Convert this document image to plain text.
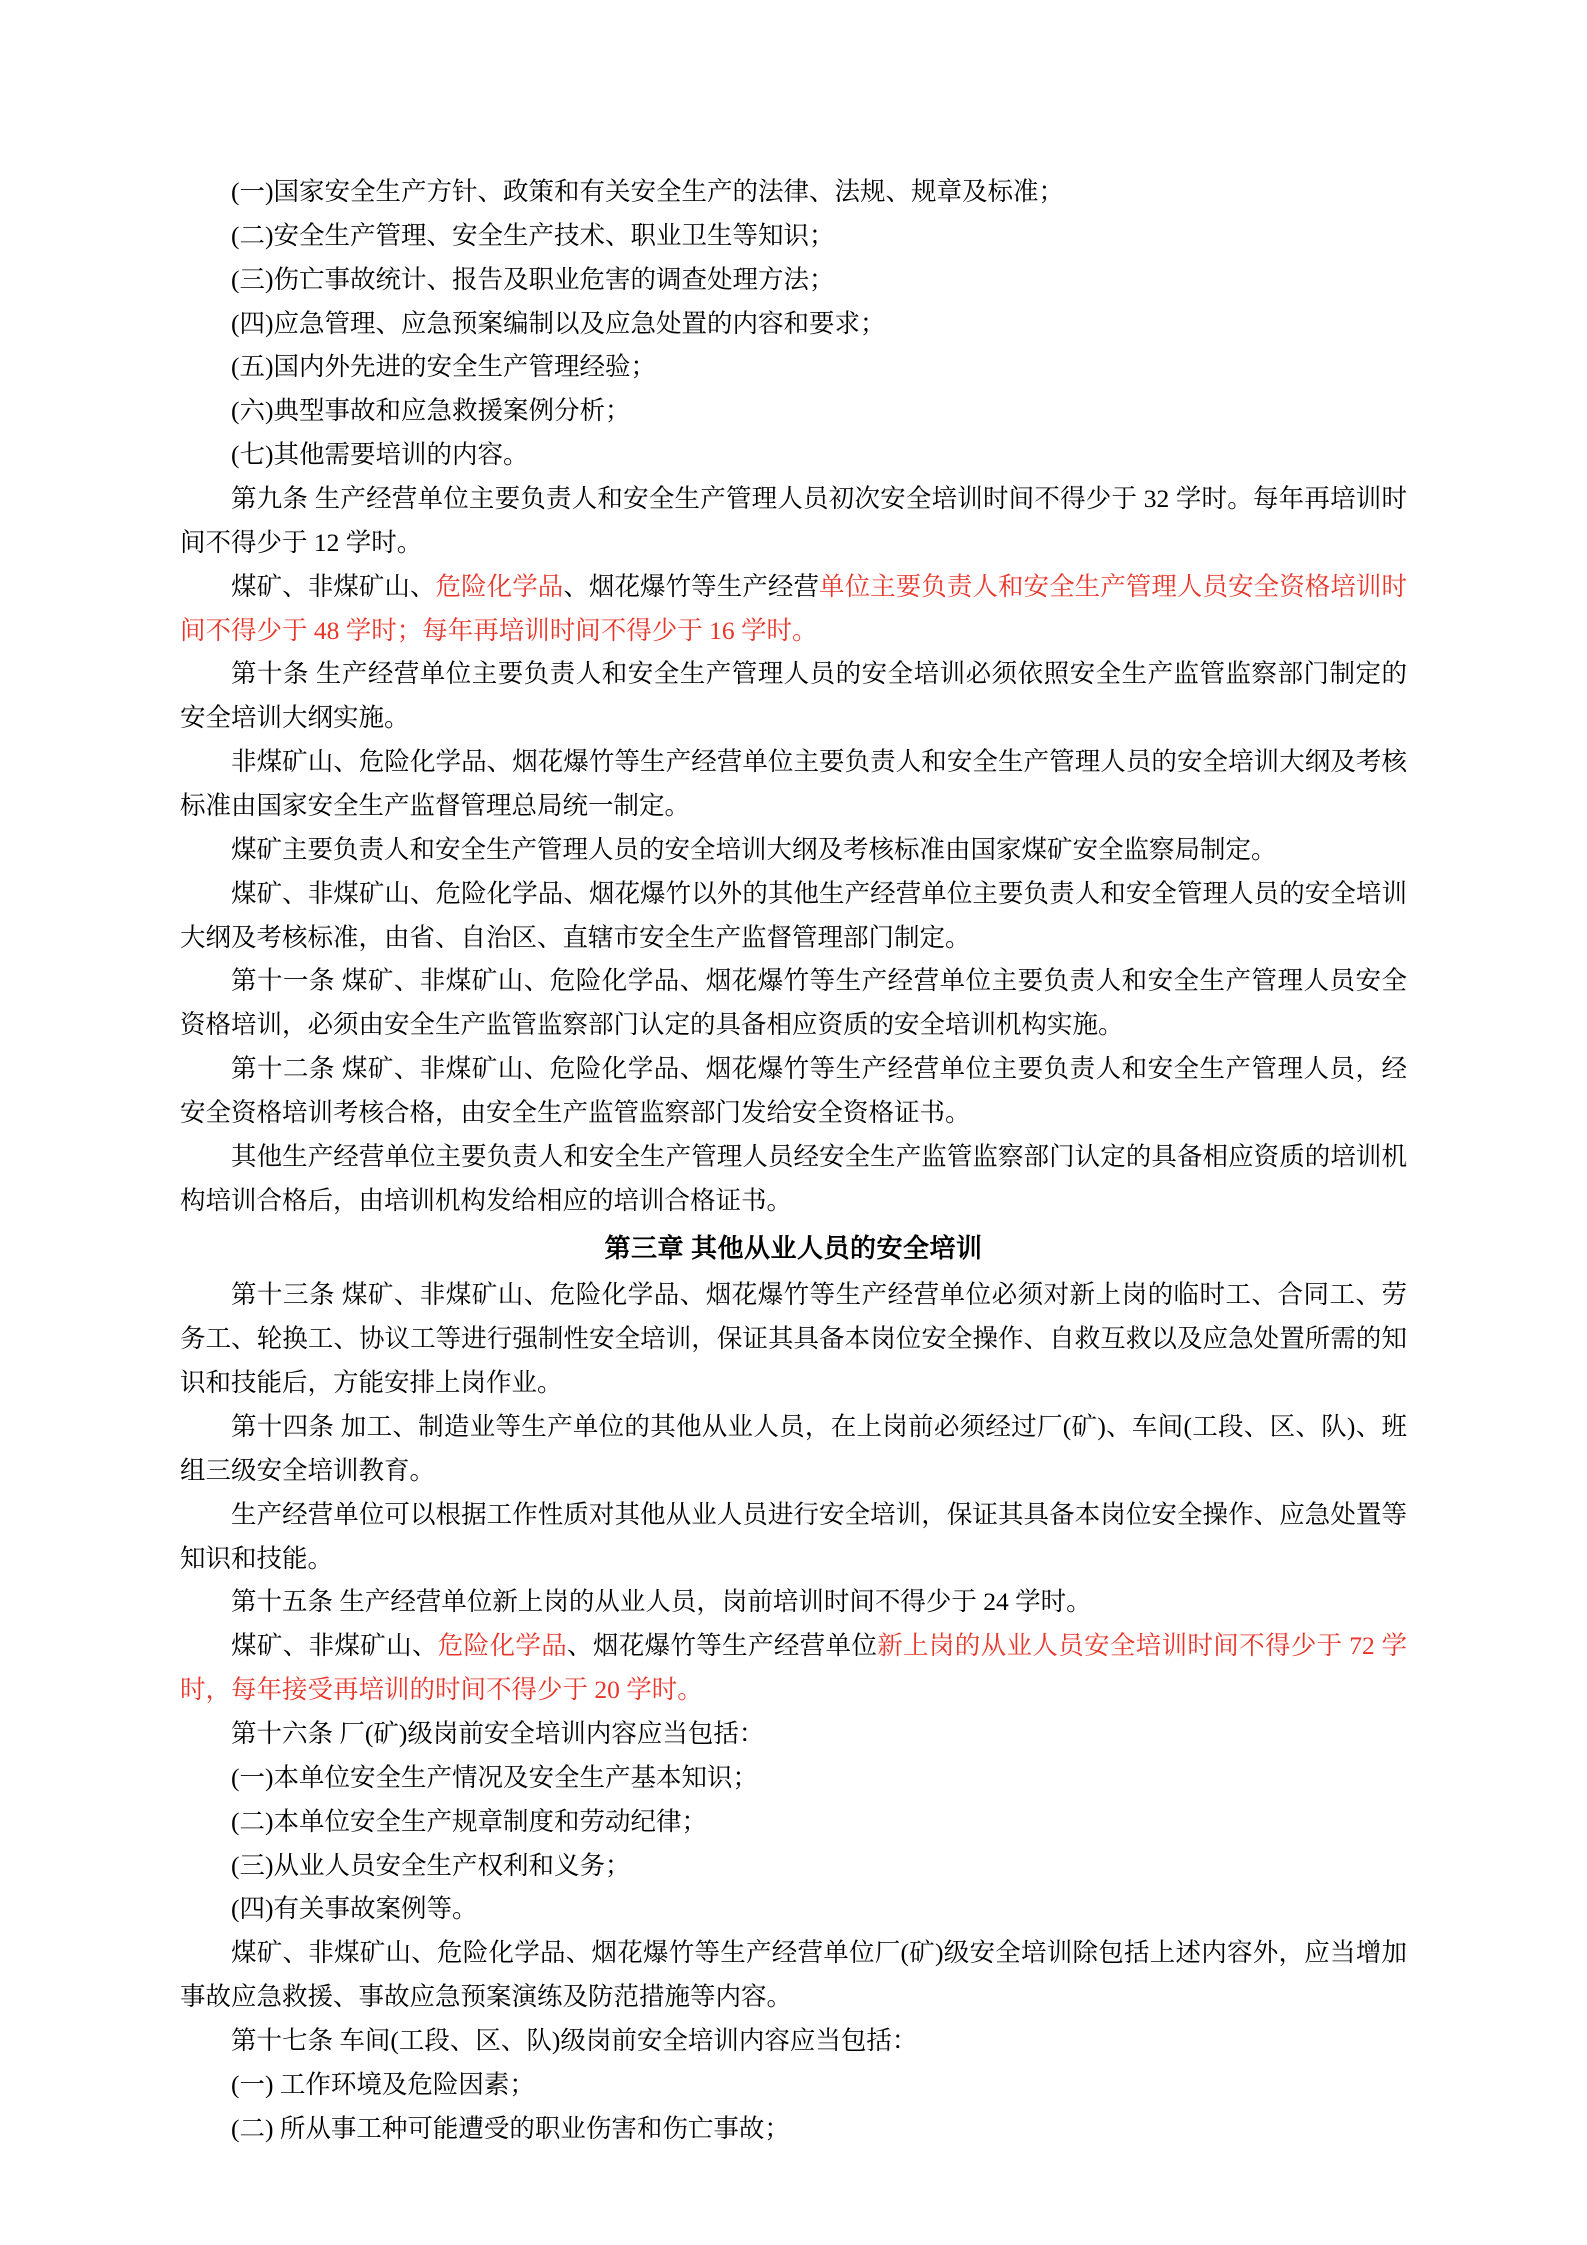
(一)国家安全生产方针、政策和有关安全生产的法律、法规、规章及标准；

(二)安全生产管理、安全生产技术、职业卫生等知识；

(三)伤亡事故统计、报告及职业危害的调查处理方法；

(四)应急管理、应急预案编制以及应急处置的内容和要求；

(五)国内外先进的安全生产管理经验；

(六)典型事故和应急救援案例分析；

(七)其他需要培训的内容。

第九条 生产经营单位主要负责人和安全生产管理人员初次安全培训时间不得少于 32 学时。每年再培训时间不得少于 12 学时。

煤矿、非煤矿山、危险化学品、烟花爆竹等生产经营单位主要负责人和安全生产管理人员安全资格培训时间不得少于 48 学时；每年再培训时间不得少于 16 学时。

第十条 生产经营单位主要负责人和安全生产管理人员的安全培训必须依照安全生产监管监察部门制定的安全培训大纲实施。

非煤矿山、危险化学品、烟花爆竹等生产经营单位主要负责人和安全生产管理人员的安全培训大纲及考核标准由国家安全生产监督管理总局统一制定。

煤矿主要负责人和安全生产管理人员的安全培训大纲及考核标准由国家煤矿安全监察局制定。

煤矿、非煤矿山、危险化学品、烟花爆竹以外的其他生产经营单位主要负责人和安全管理人员的安全培训大纲及考核标准，由省、自治区、直辖市安全生产监督管理部门制定。

第十一条 煤矿、非煤矿山、危险化学品、烟花爆竹等生产经营单位主要负责人和安全生产管理人员安全资格培训，必须由安全生产监管监察部门认定的具备相应资质的安全培训机构实施。

第十二条 煤矿、非煤矿山、危险化学品、烟花爆竹等生产经营单位主要负责人和安全生产管理人员，经安全资格培训考核合格，由安全生产监管监察部门发给安全资格证书。

其他生产经营单位主要负责人和安全生产管理人员经安全生产监管监察部门认定的具备相应资质的培训机构培训合格后，由培训机构发给相应的培训合格证书。

第三章 其他从业人员的安全培训

第十三条 煤矿、非煤矿山、危险化学品、烟花爆竹等生产经营单位必须对新上岗的临时工、合同工、劳务工、轮换工、协议工等进行强制性安全培训，保证其具备本岗位安全操作、自救互救以及应急处置所需的知识和技能后，方能安排上岗作业。

第十四条 加工、制造业等生产单位的其他从业人员，在上岗前必须经过厂(矿)、车间(工段、区、队)、班组三级安全培训教育。

生产经营单位可以根据工作性质对其他从业人员进行安全培训，保证其具备本岗位安全操作、应急处置等知识和技能。

第十五条 生产经营单位新上岗的从业人员，岗前培训时间不得少于 24 学时。

煤矿、非煤矿山、危险化学品、烟花爆竹等生产经营单位新上岗的从业人员安全培训时间不得少于 72 学时，每年接受再培训的时间不得少于 20 学时。

第十六条 厂(矿)级岗前安全培训内容应当包括：

(一)本单位安全生产情况及安全生产基本知识；

(二)本单位安全生产规章制度和劳动纪律；

(三)从业人员安全生产权利和义务；

(四)有关事故案例等。

煤矿、非煤矿山、危险化学品、烟花爆竹等生产经营单位厂(矿)级安全培训除包括上述内容外，应当增加事故应急救援、事故应急预案演练及防范措施等内容。

第十七条 车间(工段、区、队)级岗前安全培训内容应当包括：

(一) 工作环境及危险因素；

(二) 所从事工种可能遭受的职业伤害和伤亡事故；
